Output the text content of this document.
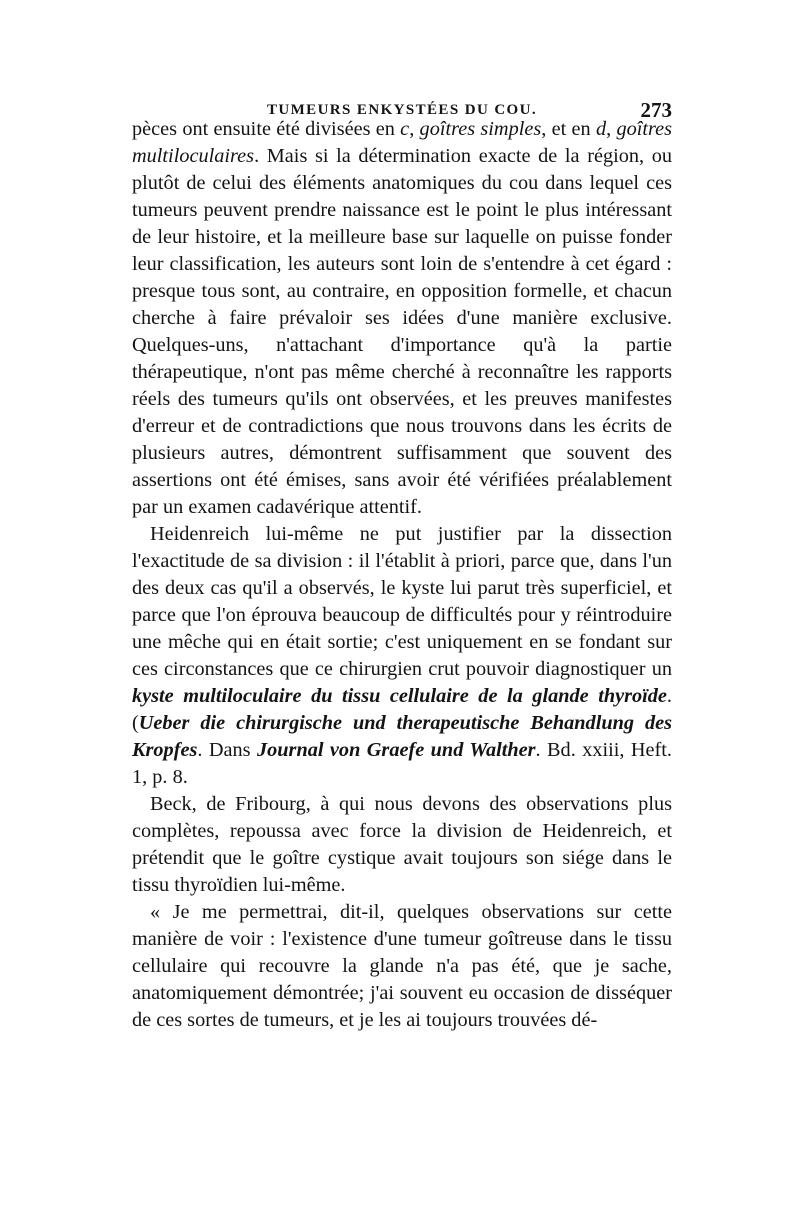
TUMEURS ENKYSTÉES DU COU.	273

pèces ont ensuite été divisées en c, goîtres simples, et en d, goîtres multiloculaires. Mais si la détermination exacte de la région, ou plutôt de celui des éléments anatomiques du cou dans lequel ces tumeurs peuvent prendre naissance est le point le plus intéressant de leur histoire, et la meilleure base sur laquelle on puisse fonder leur classification, les auteurs sont loin de s'entendre à cet égard : presque tous sont, au contraire, en opposition formelle, et chacun cherche à faire prévaloir ses idées d'une manière exclusive. Quelques-uns, n'attachant d'importance qu'à la partie thérapeutique, n'ont pas même cherché à reconnaître les rapports réels des tumeurs qu'ils ont observées, et les preuves manifestes d'erreur et de contradictions que nous trouvons dans les écrits de plusieurs autres, démontrent suffisamment que souvent des assertions ont été émises, sans avoir été vérifiées préalablement par un examen cadavérique attentif.

Heidenreich lui-même ne put justifier par la dissection l'exactitude de sa division : il l'établit à priori, parce que, dans l'un des deux cas qu'il a observés, le kyste lui parut très superficiel, et parce que l'on éprouva beaucoup de difficultés pour y réintroduire une mêche qui en était sortie; c'est uniquement en se fondant sur ces circonstances que ce chirurgien crut pouvoir diagnostiquer un kyste multiloculaire du tissu cellulaire de la glande thyroïde. (Ueber die chirurgische und therapeutische Behandlung des Kropfes. Dans Journal von Graefe und Walther. Bd. xxiii, Heft. 1, p. 8.

Beck, de Fribourg, à qui nous devons des observations plus complètes, repoussa avec force la division de Heidenreich, et prétendit que le goître cystique avait toujours son siége dans le tissu thyroïdien lui-même.

« Je me permettrai, dit-il, quelques observations sur cette manière de voir : l'existence d'une tumeur goîtreuse dans le tissu cellulaire qui recouvre la glande n'a pas été, que je sache, anatomiquement démontrée; j'ai souvent eu occasion de disséquer de ces sortes de tumeurs, et je les ai toujours trouvées dé-
